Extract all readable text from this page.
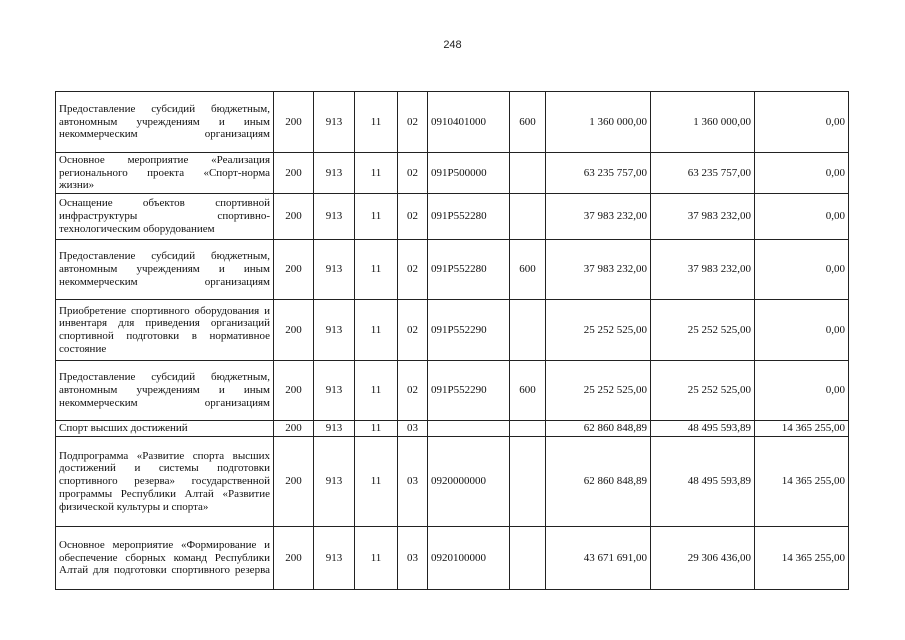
248
Предоставление субсидий бюджетным, автономным учреждениям и иным некоммерческим организациям	200	913	11	02	0910401000	600	1 360 000,00	1 360 000,00	0,00
Основное мероприятие «Реализация регионального проекта «Спорт-норма жизни»	200	913	11	02	091P500000		63 235 757,00	63 235 757,00	0,00
Оснащение объектов спортивной инфраструктуры спортивно-технологическим оборудованием	200	913	11	02	091P552280		37 983 232,00	37 983 232,00	0,00
Предоставление субсидий бюджетным, автономным учреждениям и иным некоммерческим организациям	200	913	11	02	091P552280	600	37 983 232,00	37 983 232,00	0,00
Приобретение спортивного оборудования и инвентаря для приведения организаций спортивной подготовки в нормативное состояние	200	913	11	02	091P552290		25 252 525,00	25 252 525,00	0,00
Предоставление субсидий бюджетным, автономным учреждениям и иным некоммерческим организациям	200	913	11	02	091P552290	600	25 252 525,00	25 252 525,00	0,00
Спорт высших достижений	200	913	11	03			62 860 848,89	48 495 593,89	14 365 255,00
Подпрограмма «Развитие спорта высших достижений и системы подготовки спортивного резерва» государственной программы Республики Алтай «Развитие физической культуры и спорта»	200	913	11	03	0920000000		62 860 848,89	48 495 593,89	14 365 255,00
Основное мероприятие «Формирование и обеспечение сборных команд Республики Алтай для подготовки спортивного резерва	200	913	11	03	0920100000		43 671 691,00	29 306 436,00	14 365 255,00
